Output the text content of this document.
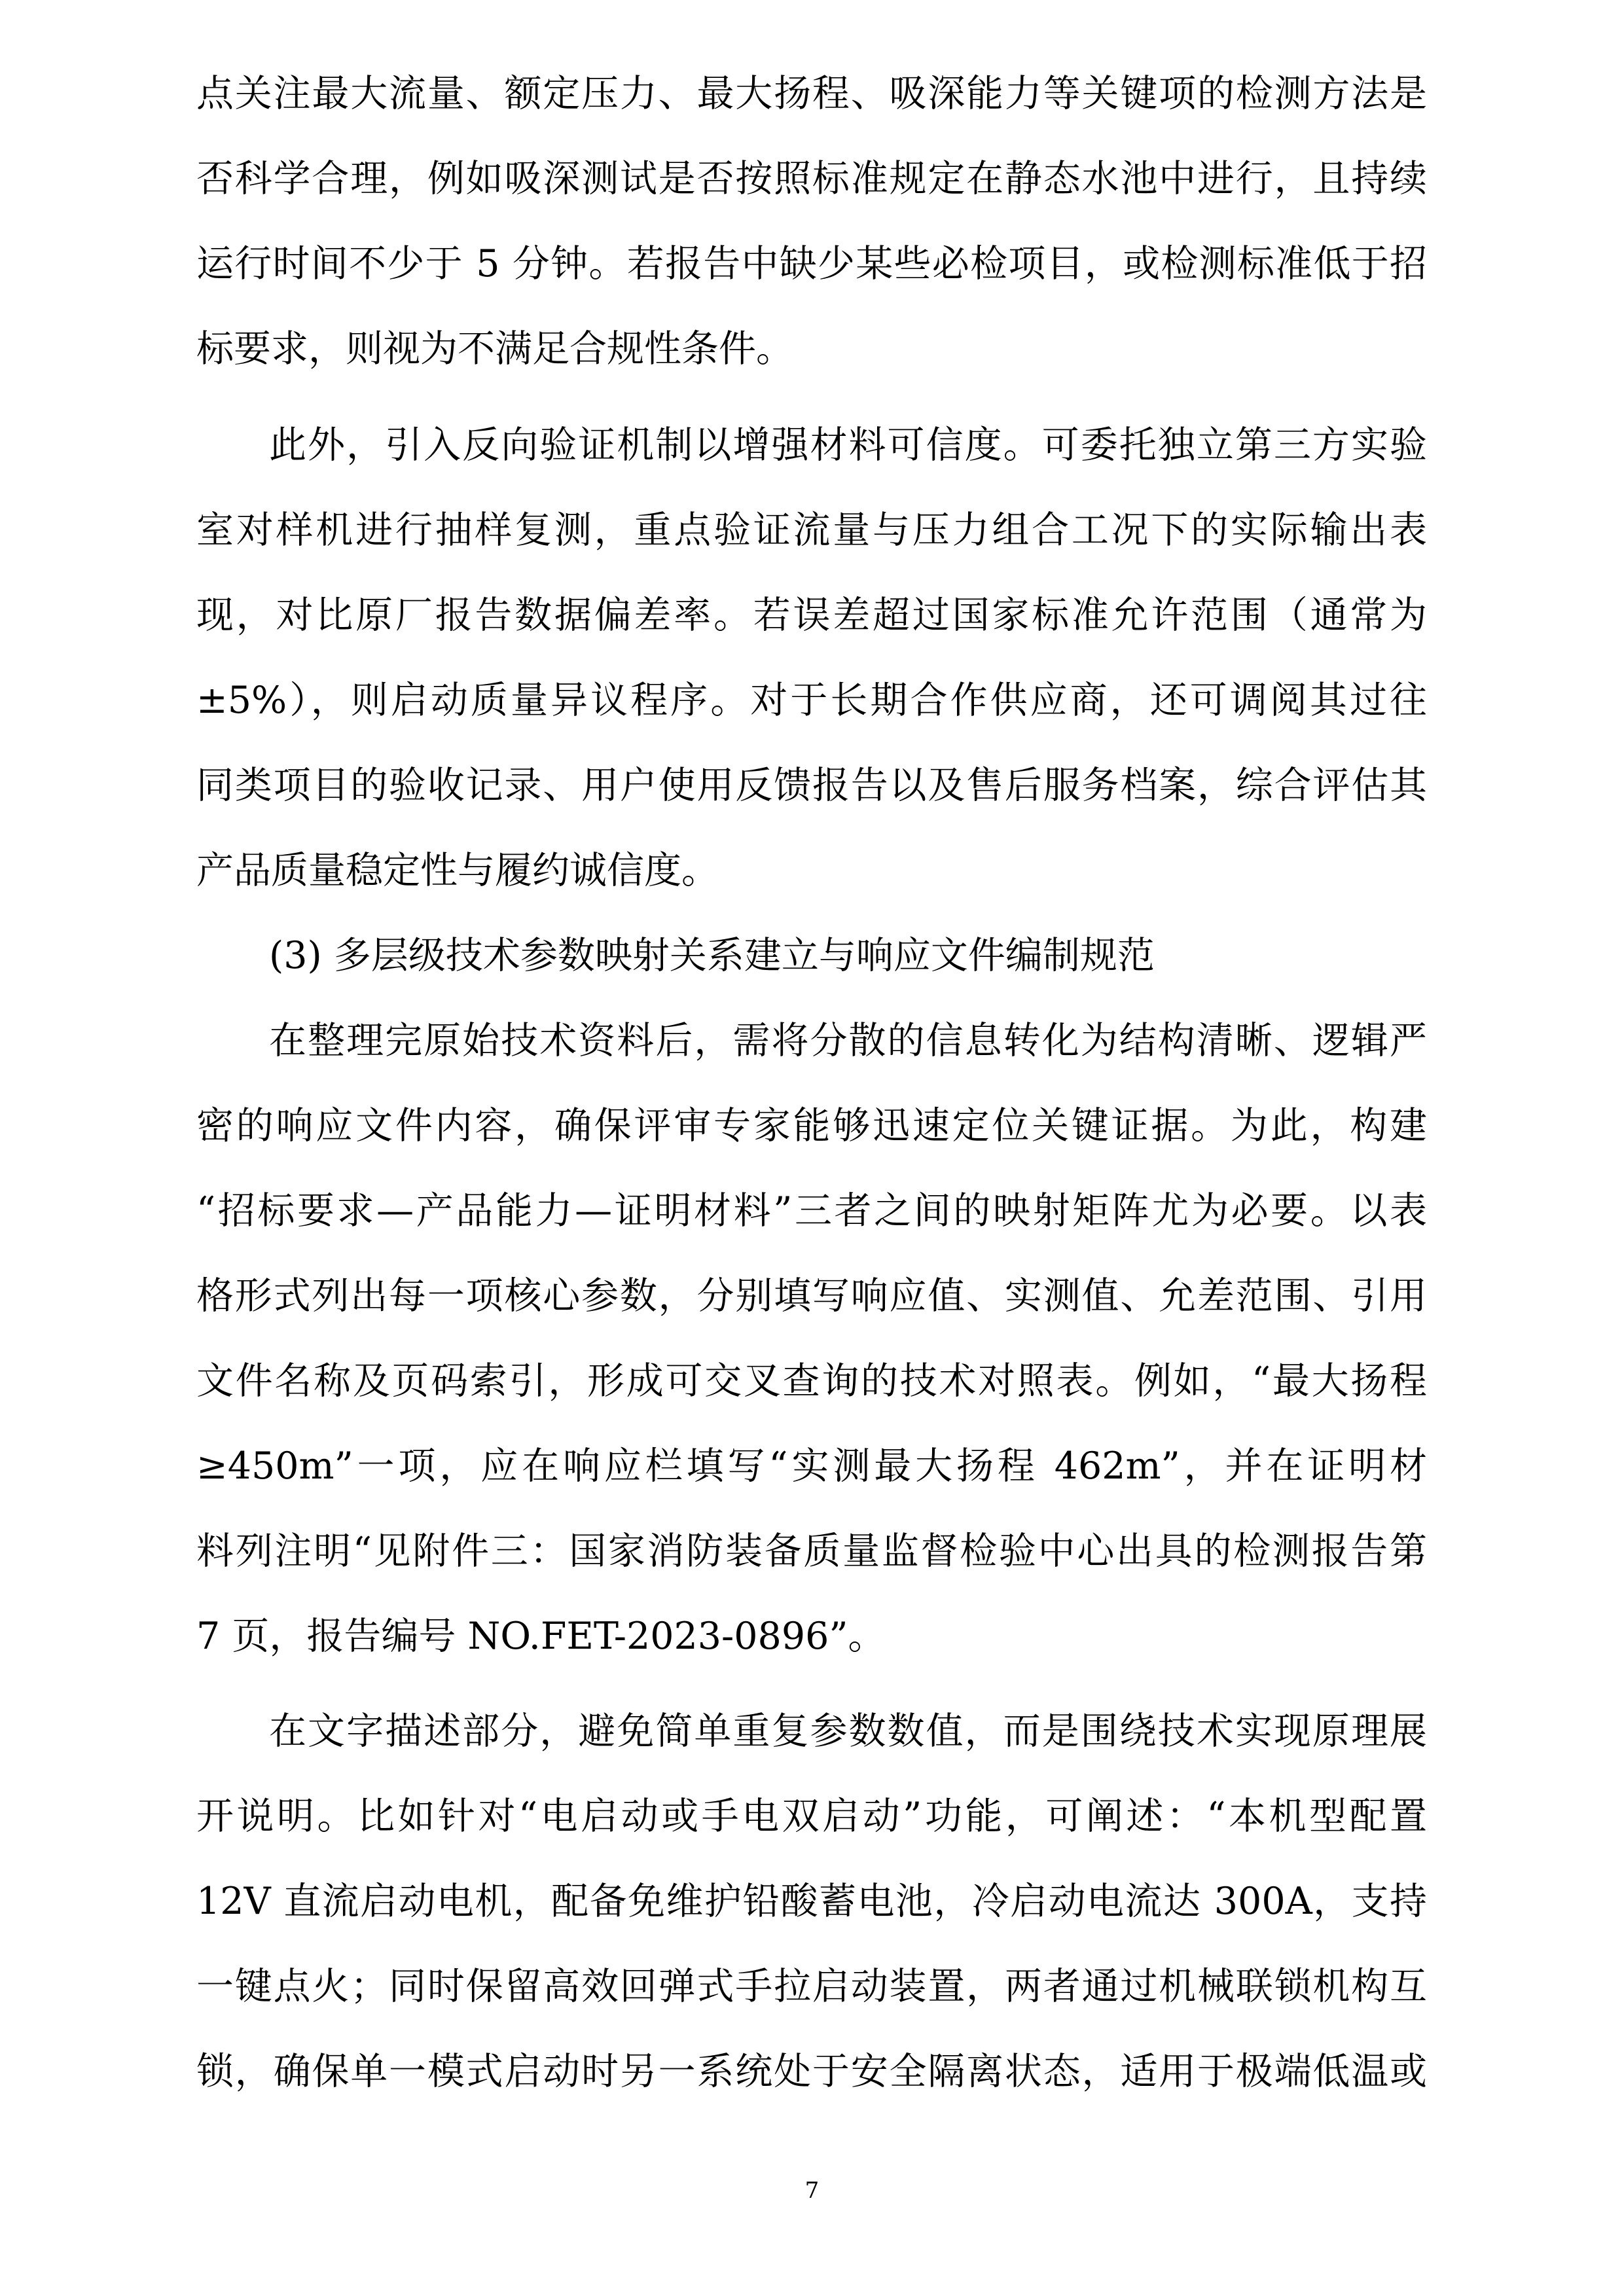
点关注最大流量、额定压力、最大扬程、吸深能力等关键项的检测方法是
否科学合理，例如吸深测试是否按照标准规定在静态水池中进行，且持续
运行时间不少于 5 分钟。若报告中缺少某些必检项目，或检测标准低于招
标要求，则视为不满足合规性条件。
此外，引入反向验证机制以增强材料可信度。可委托独立第三方实验
室对样机进行抽样复测，重点验证流量与压力组合工况下的实际输出表
现，对比原厂报告数据偏差率。若误差超过国家标准允许范围（通常为
±5%），则启动质量异议程序。对于长期合作供应商，还可调阅其过往
同类项目的验收记录、用户使用反馈报告以及售后服务档案，综合评估其
产品质量稳定性与履约诚信度。
(3) 多层级技术参数映射关系建立与响应文件编制规范
在整理完原始技术资料后，需将分散的信息转化为结构清晰、逻辑严
密的响应文件内容，确保评审专家能够迅速定位关键证据。为此，构建
“招标要求—产品能力—证明材料”三者之间的映射矩阵尤为必要。以表
格形式列出每一项核心参数，分别填写响应值、实测值、允差范围、引用
文件名称及页码索引，形成可交叉查询的技术对照表。例如，“最大扬程
≥450m”一项，应在响应栏填写“实测最大扬程 462m”，并在证明材
料列注明“见附件三：国家消防装备质量监督检验中心出具的检测报告第
7 页，报告编号 NO.FET-2023-0896”。
在文字描述部分，避免简单重复参数数值，而是围绕技术实现原理展
开说明。比如针对“电启动或手电双启动”功能，可阐述：“本机型配置
12V 直流启动电机，配备免维护铅酸蓄电池，冷启动电流达 300A，支持
一键点火；同时保留高效回弹式手拉启动装置，两者通过机械联锁机构互
锁，确保单一模式启动时另一系统处于安全隔离状态，适用于极端低温或
7
